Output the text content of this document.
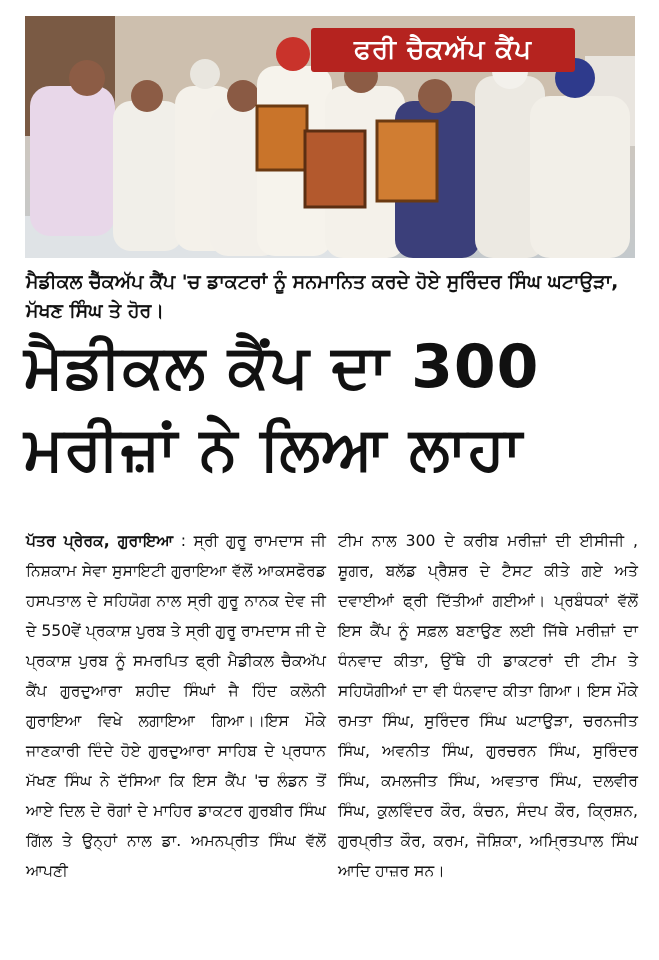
ਫਰੀ ਚੈਕਅੱਪ ਕੈਂਪ

ਮੈਡੀਕਲ ਚੈੱਕਅੱਪ ਕੈਂਪ 'ਚ ਡਾਕਟਰਾਂ ਨੂੰ ਸਨਮਾਨਿਤ ਕਰਦੇ ਹੋਏ ਸੁਰਿੰਦਰ ਸਿੰਘ ਘਟਾਉੜਾ, ਮੱਖਣ ਸਿੰਘ ਤੇ ਹੋਰ।

ਮੈਡੀਕਲ ਕੈਂਪ ਦਾ 300
ਮਰੀਜ਼ਾਂ ਨੇ ਲਿਆ ਲਾਹਾ

ਪੱਤਰ ਪ੍ਰੇਰਕ, ਗੁਰਾਇਆ : ਸ੍ਰੀ ਗੁਰੂ ਰਾਮਦਾਸ ਜੀ ਨਿਸ਼ਕਾਮ ਸੇਵਾ ਸੁਸਾਇਟੀ ਗੁਰਾਇਆ ਵੱਲੋਂ ਆਕਸਫੋਰਡ ਹਸਪਤਾਲ ਦੇ ਸਹਿਯੋਗ ਨਾਲ ਸ੍ਰੀ ਗੁਰੂ ਨਾਨਕ ਦੇਵ ਜੀ ਦੇ 550ਵੇਂ ਪ੍ਰਕਾਸ਼ ਪੁਰਬ ਤੇ ਸ੍ਰੀ ਗੁਰੂ ਰਾਮਦਾਸ ਜੀ ਦੇ ਪ੍ਰਕਾਸ਼ ਪੁਰਬ ਨੂੰ ਸਮਰਪਿਤ ਫ੍ਰੀ ਮੈਡੀਕਲ ਚੈਕਅੱਪ ਕੈਂਪ ਗੁਰਦੁਆਰਾ ਸ਼ਹੀਦ ਸਿੰਘਾਂ ਜੈ ਹਿੰਦ ਕਲੋਨੀ ਗੁਰਾਇਆ ਵਿਖੇ ਲਗਾਇਆ ਗਿਆ।।ਇਸ ਮੌਕੇ ਜਾਣਕਾਰੀ ਦਿੰਦੇ ਹੋਏ ਗੁਰਦੁਆਰਾ ਸਾਹਿਬ ਦੇ ਪ੍ਰਧਾਨ ਮੱਖਣ ਸਿੰਘ ਨੇ ਦੱਸਿਆ ਕਿ ਇਸ ਕੈਂਪ 'ਚ ਲੰਡਨ ਤੋਂ ਆਏ ਦਿਲ ਦੇ ਰੋਗਾਂ ਦੇ ਮਾਹਿਰ ਡਾਕਟਰ ਗੁਰਬੀਰ ਸਿੰਘ ਗਿੱਲ ਤੇ ਉਨ੍ਹਾਂ ਨਾਲ ਡਾ. ਅਮਨਪ੍ਰੀਤ ਸਿੰਘ ਵੱਲੋਂ ਆਪਣੀ

ਟੀਮ ਨਾਲ 300 ਦੇ ਕਰੀਬ ਮਰੀਜ਼ਾਂ ਦੀ ਈਸੀਜੀ , ਸ਼ੂਗਰ, ਬਲੱਡ ਪ੍ਰੈਸ਼ਰ ਦੇ ਟੈਸਟ ਕੀਤੇ ਗਏ ਅਤੇ ਦਵਾਈਆਂ ਫ੍ਰੀ ਦਿੱਤੀਆਂ ਗਈਆਂ। ਪ੍ਰਬੰਧਕਾਂ ਵੱਲੋਂ ਇਸ ਕੈਂਪ ਨੂੰ ਸਫ਼ਲ ਬਣਾਉਣ ਲਈ ਜਿੱਥੇ ਮਰੀਜ਼ਾਂ ਦਾ ਧੰਨਵਾਦ ਕੀਤਾ, ਉੱਥੇ ਹੀ ਡਾਕਟਰਾਂ ਦੀ ਟੀਮ ਤੇ ਸਹਿਯੋਗੀਆਂ ਦਾ ਵੀ ਧੰਨਵਾਦ ਕੀਤਾ ਗਿਆ। ਇਸ ਮੌਕੇ ਰਮਤਾ ਸਿੰਘ, ਸੁਰਿੰਦਰ ਸਿੰਘ ਘਟਾਉੜਾ, ਚਰਨਜੀਤ ਸਿੰਘ, ਅਵਨੀਤ ਸਿੰਘ, ਗੁਰਚਰਨ ਸਿੰਘ, ਸੁਰਿੰਦਰ ਸਿੰਘ, ਕਮਲਜੀਤ ਸਿੰਘ, ਅਵਤਾਰ ਸਿੰਘ, ਦਲਵੀਰ ਸਿੰਘ, ਕੁਲਵਿੰਦਰ ਕੌਰ, ਕੰਚਨ, ਸੰਦਪ ਕੌਰ, ਕ੍ਰਿਸ਼ਨ, ਗੁਰਪ੍ਰੀਤ ਕੌਰ, ਕਰਮ, ਜੋਸ਼ਿਕਾ, ਅਮ੍ਰਿਤਪਾਲ ਸਿੰਘ ਆਦਿ ਹਾਜ਼ਰ ਸਨ।
